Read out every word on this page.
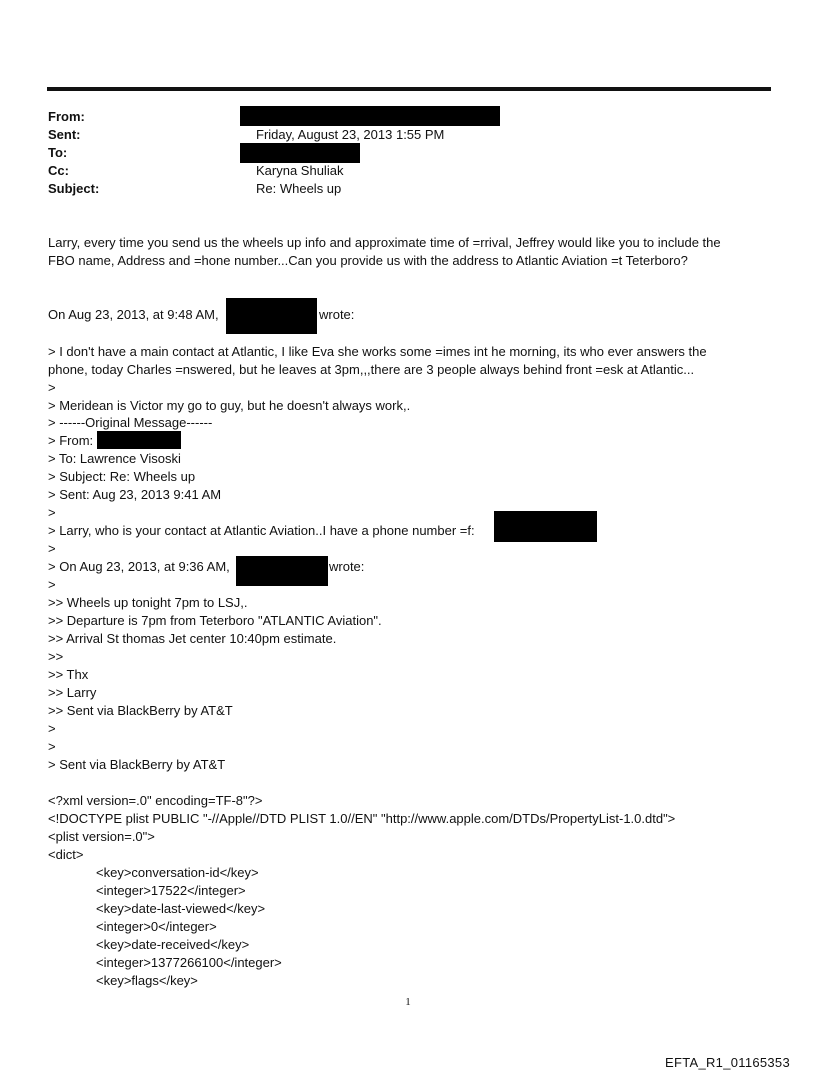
From:
Sent:	Friday, August 23, 2013 1:55 PM
To:
Cc:	Karyna Shuliak
Subject:	Re: Wheels up
Larry, every time you send us the wheels up info and approximate time of =rrival, Jeffrey would like you to include the
FBO name, Address and =hone number...Can you provide us with the address to Atlantic Aviation =t Teterboro?
On Aug 23, 2013, at 9:48 AM,	wrote:
> I don't have a main contact at Atlantic, I like Eva she works some =imes int he morning, its who ever answers the
phone, today Charles =nswered, but he leaves at 3pm,,,there are 3 people always behind front =esk at Atlantic...
>
> Meridean is Victor my go to guy, but he doesn't always work,.
> ------Original Message------
> From:
> To: Lawrence Visoski
> Subject: Re: Wheels up
> Sent: Aug 23, 2013 9:41 AM
>
> Larry, who is your contact at Atlantic Aviation..I have a phone number =f:
>
> On Aug 23, 2013, at 9:36 AM,	wrote:
>
>> Wheels up tonight 7pm to LSJ,.
>> Departure is 7pm from Teterboro "ATLANTIC Aviation".
>> Arrival St thomas Jet center 10:40pm estimate.
>>
>> Thx
>> Larry
>> Sent via BlackBerry by AT&T
>
>
> Sent via BlackBerry by AT&T
<?xml version=.0" encoding=TF-8"?>
<!DOCTYPE plist PUBLIC "-//Apple//DTD PLIST 1.0//EN" "http://www.apple.com/DTDs/PropertyList-1.0.dtd">
<plist version=.0">
<dict>
<key>conversation-id</key>
<integer>17522</integer>
<key>date-last-viewed</key>
<integer>0</integer>
<key>date-received</key>
<integer>1377266100</integer>
<key>flags</key>
1
EFTA_R1_01165353
